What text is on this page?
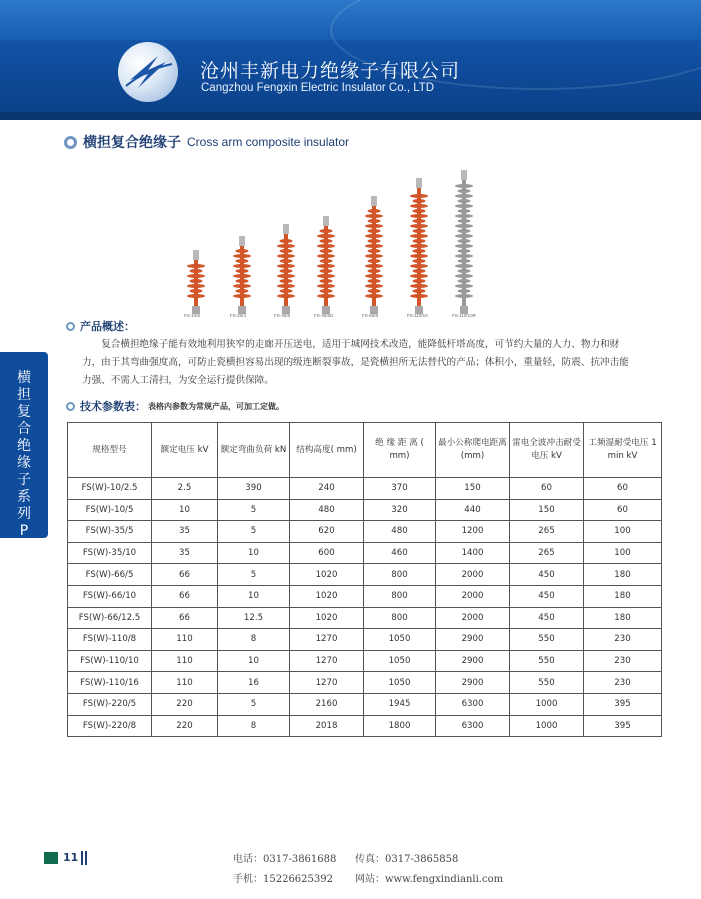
沧州丰新电力绝缘子有限公司
Cangzhou Fengxin Electric Insulator Co., LTD
横担复合绝缘子 Cross arm composite insulator
FS-10/5	FS-20/4	FS-35/5	FS-35/5D	FS-66/8	FS-110/10	FS-110/10R
产品概述：
复合横担绝缘子能有效地利用狭窄的走廊开压送电，适用于城网技术改造，能降低杆塔高度，可节约大量的人力、物力和财力，由于其弯曲强度高，可防止瓷横担容易出现的级连断裂事故，是瓷横担所无法替代的产品；体积小，重量轻，防震、抗冲击能力强、不需人工清扫，为安全运行提供保障。
横担复合绝缘子系列P11
技术参数表： 表格内参数为常规产品，可加工定做。
规格型号	额定电压 kV	额定弯曲负荷 kN	结构高度( mm)	绝 缘 距 离 ( mm)	最小公称爬电距离 (mm)	雷电全波冲击耐受电压 kV	工频湿耐受电压 1 min kV
FS(W)-10/2.5	2.5	390	240	370	150	60	60
FS(W)-10/5	10	5	480	320	440	150	60
FS(W)-35/5	35	5	620	480	1200	265	100
FS(W)-35/10	35	10	600	460	1400	265	100
FS(W)-66/5	66	5	1020	800	2000	450	180
FS(W)-66/10	66	10	1020	800	2000	450	180
FS(W)-66/12.5	66	12.5	1020	800	2000	450	180
FS(W)-110/8	110	8	1270	1050	2900	550	230
FS(W)-110/10	110	10	1270	1050	2900	550	230
FS(W)-110/16	110	16	1270	1050	2900	550	230
FS(W)-220/5	220	5	2160	1945	6300	1000	395
FS(W)-220/8	220	8	2018	1800	6300	1000	395
11	电话：0317-3861688 传真：0317-3865858
手机：15226625392 网站：www.fengxindianli.com
